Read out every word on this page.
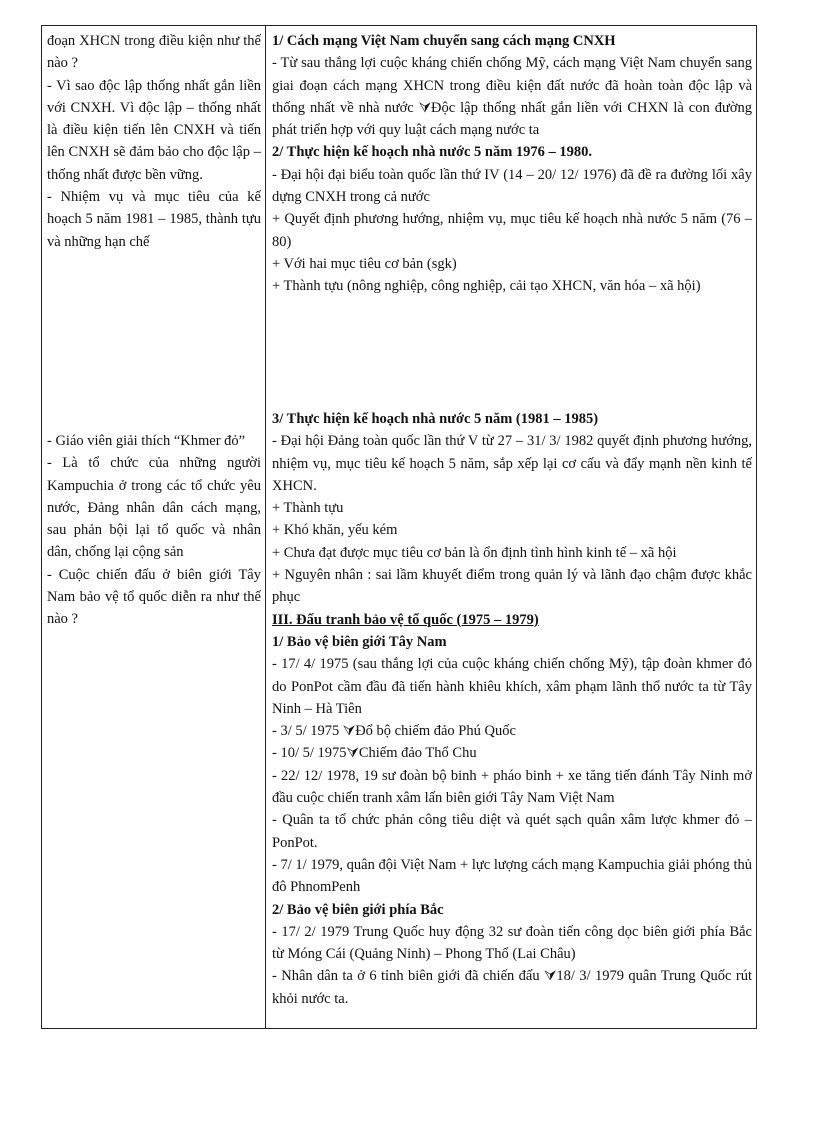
đoạn XHCN trong điều kiện như thế nào ?

- Vì sao độc lập thống nhất gắn liền với CNXH. Vì độc lập – thống nhất là điều kiện tiến lên CNXH và tiến lên CNXH sẽ đảm bảo cho độc lập – thống nhất được bền vững.

- Nhiệm vụ và mục tiêu của kế hoạch 5 năm 1981 – 1985, thành tựu và những hạn chế

- Giáo viên giải thích “Khmer đỏ”

- Là tổ chức của những người Kampuchia ở trong các tổ chức yêu nước, Đảng nhân dân cách mạng, sau phản bội lại tổ quốc và nhân dân, chống lại cộng sản

- Cuộc chiến đấu ở biên giới Tây Nam bảo vệ tổ quốc diễn ra như thế nào ?

1/ Cách mạng Việt Nam chuyển sang cách mạng CNXH

- Từ sau thắng lợi cuộc kháng chiến chống Mỹ, cách mạng Việt Nam chuyển sang giai đoạn cách mạng XHCN trong điều kiện đất nước đã hoàn toàn độc lập và thống nhất về nhà nước ⮛Độc lập thống nhất gắn liền với CHXN là con đường phát triển hợp với quy luật cách mạng nước ta

2/ Thực hiện kế hoạch nhà nước 5 năm 1976 – 1980.

- Đại hội đại biểu toàn quốc lần thứ IV (14 – 20/ 12/ 1976) đã đề ra đường lối xây dựng CNXH trong cả nước

+ Quyết định phương hướng, nhiệm vụ, mục tiêu kế hoạch nhà nước 5 năm (76 – 80)

+ Với hai mục tiêu cơ bản (sgk)

+ Thành tựu (nông nghiệp, công nghiệp, cải tạo XHCN, văn hóa – xã hội)

3/ Thực hiện kế hoạch nhà nước 5 năm (1981 – 1985)

- Đại hội Đảng toàn quốc lần thứ V từ 27 – 31/ 3/ 1982 quyết định phương hướng, nhiệm vụ, mục tiêu kế hoạch 5 năm, sắp xếp lại cơ cấu và đẩy mạnh nền kinh tế XHCN.

+ Thành tựu

+ Khó khăn, yếu kém

+ Chưa đạt được mục tiêu cơ bản là ổn định tình hình kinh tế – xã hội

+ Nguyên nhân : sai lầm khuyết điểm trong quản lý và lãnh đạo chậm được khắc phục

III. Đấu tranh bảo vệ tổ quốc (1975 – 1979)

1/ Bảo vệ biên giới Tây Nam

- 17/ 4/ 1975 (sau thắng lợi của cuộc kháng chiến chống Mỹ), tập đoàn khmer đỏ do PonPot cầm đầu đã tiến hành khiêu khích, xâm phạm lãnh thổ nước ta từ Tây Ninh – Hà Tiên

- 3/ 5/ 1975 ⮛Đổ bộ chiếm đảo Phú Quốc

- 10/ 5/ 1975⮛Chiếm đảo Thổ Chu

- 22/ 12/ 1978, 19 sư đoàn bộ binh + pháo binh + xe tăng tiến đánh Tây Ninh mở đầu cuộc chiến tranh xâm lấn biên giới Tây Nam Việt Nam

- Quân ta tổ chức phản công tiêu diệt và quét sạch quân xâm lược khmer đỏ – PonPot.

- 7/ 1/ 1979, quân đội Việt Nam + lực lượng cách mạng Kampuchia giải phóng thủ đô PhnomPenh

2/ Bảo vệ biên giới phía Bắc

- 17/ 2/ 1979 Trung Quốc huy động 32 sư đoàn tiến công dọc biên giới phía Bắc từ Móng Cái (Quảng Ninh) – Phong Thổ (Lai Châu)

- Nhân dân ta ở 6 tỉnh biên giới đã chiến đấu ⮛18/ 3/ 1979 quân Trung Quốc rút khỏi nước ta.
